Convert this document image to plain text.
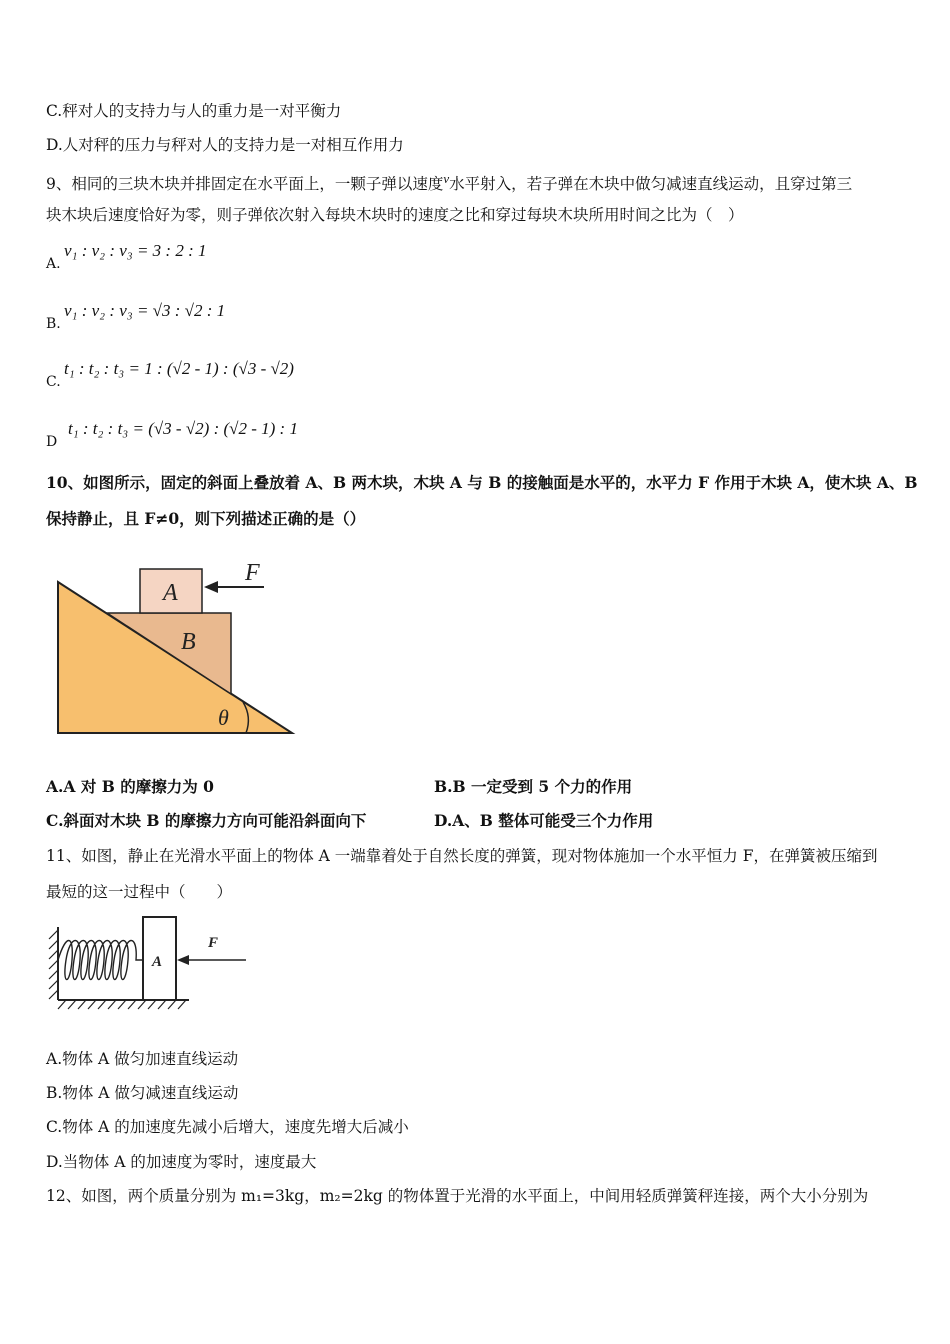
C.秤对人的支持力与人的重力是一对平衡力
D.人对秤的压力与秤对人的支持力是一对相互作用力
9、相同的三块木块并排固定在水平面上，一颗子弹以速度$^v$水平射入，若子弹在木块中做匀减速直线运动，且穿过第三
块木块后速度恰好为零，则子弹依次射入每块木块时的速度之比和穿过每块木块所用时间之比为（　）
A.v₁ : v₂ : v₃ = 3 : 2 : 1
B.v₁ : v₂ : v₃ = √3 : √2 : 1
C.t₁ : t₂ : t₃ = 1 : (√2 - 1) : (√3 - √2)
Dt₁ : t₂ : t₃ = (√3 - √2) : (√2 - 1) : 1
10、如图所示，固定的斜面上叠放着 A、B 两木块，木块 A 与 B 的接触面是水平的，水平力 F 作用于木块 A，使木块 A、B
保持静止，且 F≠0，则下列描述正确的是（）
A
B
F
θ
A.A 对 B 的摩擦力为 0	B.B 一定受到 5 个力的作用
C.斜面对木块 B 的摩擦力方向可能沿斜面向下	D.A、B 整体可能受三个力作用
11、如图，静止在光滑水平面上的物体 A 一端靠着处于自然长度的弹簧，现对物体施加一个水平恒力 F，在弹簧被压缩到
最短的这一过程中（　　）
A
F
A.物体 A 做匀加速直线运动
B.物体 A 做匀减速直线运动
C.物体 A 的加速度先减小后增大，速度先增大后减小
D.当物体 A 的加速度为零时，速度最大
12、如图，两个质量分别为 m₁=3kg，m₂=2kg 的物体置于光滑的水平面上，中间用轻质弹簧秤连接，两个大小分别为
